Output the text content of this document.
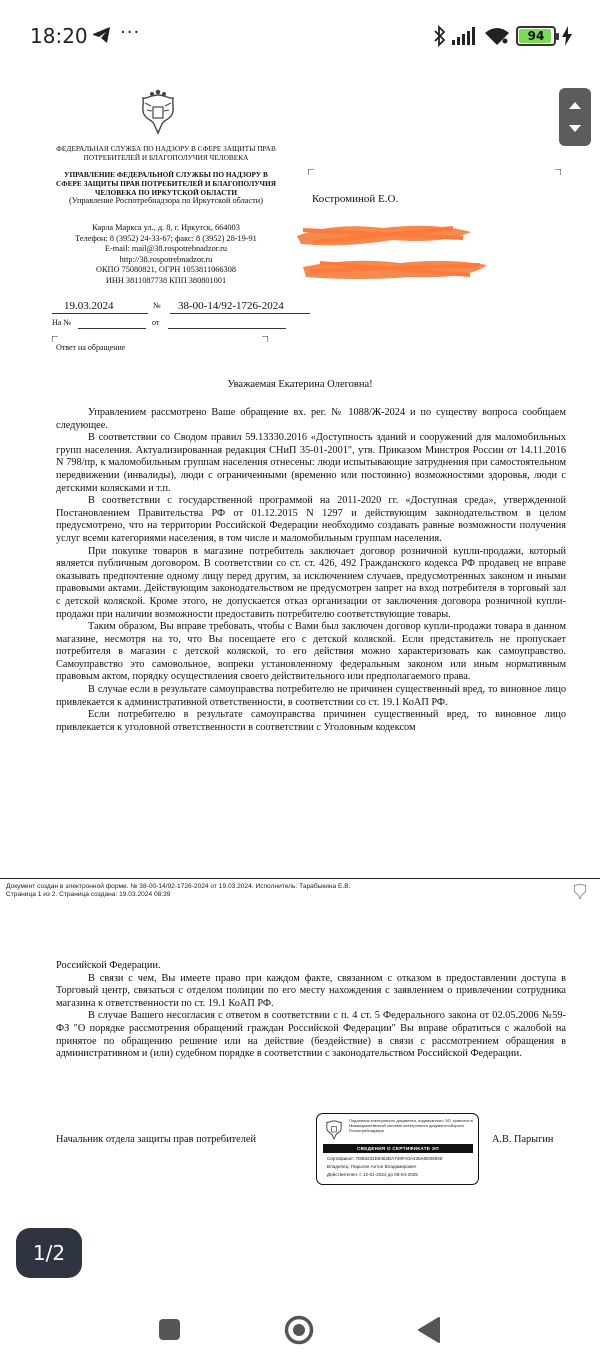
18:20 ···	94
ФЕДЕРАЛЬНАЯ СЛУЖБА ПО НАДЗОРУ В СФЕРЕ ЗАЩИТЫ ПРАВ ПОТРЕБИТЕЛЕЙ И БЛАГОПОЛУЧИЯ ЧЕЛОВЕКА
УПРАВЛЕНИЕ ФЕДЕРАЛЬНОЙ СЛУЖБЫ ПО НАДЗОРУ В СФЕРЕ ЗАЩИТЫ ПРАВ ПОТРЕБИТЕЛЕЙ И БЛАГОПОЛУЧИЯ ЧЕЛОВЕКА ПО ИРКУТСКОЙ ОБЛАСТИ
(Управление Роспотребнадзора по Иркутской области)
Карла Маркса ул., д. 8, г. Иркутск, 664003
Телефон: 8 (3952) 24-33-67; факс: 8 (3952) 28-19-91
E-mail: mail@38.rospotrebnadzor.ru
http://38.rospotrebnadzor.ru
ОКПО 75080821, ОГРН 1053811066308
ИНН 3811087738 КПП 380801001
Костроминой Е.О.
19.03.2024	№ 38-00-14/92-1726-2024
На №	от
Ответ на обращение
Уважаемая Екатерина Олеговна!

Управлением рассмотрено Ваше обращение вх. рег. № 1088/Ж-2024 и по существу вопроса сообщаем следующее.

В соответствии со Сводом правил 59.13330.2016 «Доступность зданий и сооружений для маломобильных групп населения. Актуализированная редакция СНиП 35-01-2001", утв. Приказом Минстроя России от 14.11.2016 N 798/пр, к маломобильным группам населения отнесены: люди испытывающие затруднения при самостоятельном передвижении (инвалиды), люди с ограниченными (временно или постоянно) возможностями здоровья, люди с детскими колясками и т.п.

В соответствии с государственной программой на 2011-2020 гг. «Доступная среда», утвержденной Постановлением Правительства РФ от 01.12.2015 N 1297 и действующим законодательством в целом предусмотрено, что на территории Российской Федерации необходимо создавать равные возможности получения услуг всеми категориями населения, в том числе и маломобильным группам населения.

При покупке товаров в магазине потребитель заключает договор розничной купли-продажи, который является публичным договором. В соответствии со ст. ст. 426, 492 Гражданского кодекса РФ продавец не вправе оказывать предпочтение одному лицу перед другим, за исключением случаев, предусмотренных законом и иными правовыми актами. Действующим законодательством не предусмотрен запрет на вход потребителя в торговый зал с детской коляской. Кроме этого, не допускается отказ организации от заключения договора розничной купли-продажи при наличии возможности предоставить потребителю соответствующие товары.

Таким образом, Вы вправе требовать, чтобы с Вами был заключен договор купли-продажи товара в данном магазине, несмотря на то, что Вы посещаете его с детской коляской. Если представитель не пропускает потребителя в магазин с детской коляской, то его действия можно характеризовать как самоуправство. Самоуправство это самовольное, вопреки установленному федеральным законом или иным нормативным правовым актом, порядку осуществления своего действительного или предполагаемого права.

В случае если в результате самоуправства потребителю не причинен существенный вред, то виновное лицо привлекается к административной ответственности, в соответствии со ст. 19.1 КоАП РФ.

Если потребителю в результате самоуправства причинен существенный вред, то виновное лицо привлекается к уголовной ответственности в соответствии с Уголовным кодексом

Документ создан в электронной форме. № 38-00-14/92-1726-2024 от 19.03.2024. Исполнитель: Тарабыкина Е.В.
Страница 1 из 2. Страница создана: 19.03.2024 08:39

Российской Федерации.

В связи с чем, Вы имеете право при каждом факте, связанном с отказом в предоставлении доступа в Торговый центр, связаться с отделом полиции по его месту нахождения с заявлением о привлечении сотрудника магазина к ответственности по ст. 19.1 КоАП РФ.

В случае Вашего несогласия с ответом в соответствии с п. 4 ст. 5 Федерального закона от 02.05.2006 №59-ФЗ "О порядке рассмотрения обращений граждан Российской Федерации" Вы вправе обратиться с жалобой на принятое по обращению решение или на действие (бездействие) в связи с рассмотрением обращения в административном и (или) судебном порядке в соответствии с законодательством Российской Федерации.

Подлинник электронного документа, подписанного ЭП, хранится в Межведомственной системе электронного документооборота Роспотребнадзора
СВЕДЕНИЯ О СЕРТИФИКАТЕ ЭП
Сертификат: 7DB6231E6462BA749FA0A436A0D06948
Владелец: Парыгин Антон Владимирович
Действителен: с 12-01-2024 до 06-04-2025
Начальник отдела защиты прав потребителей	А.В. Парыгин
1/2
